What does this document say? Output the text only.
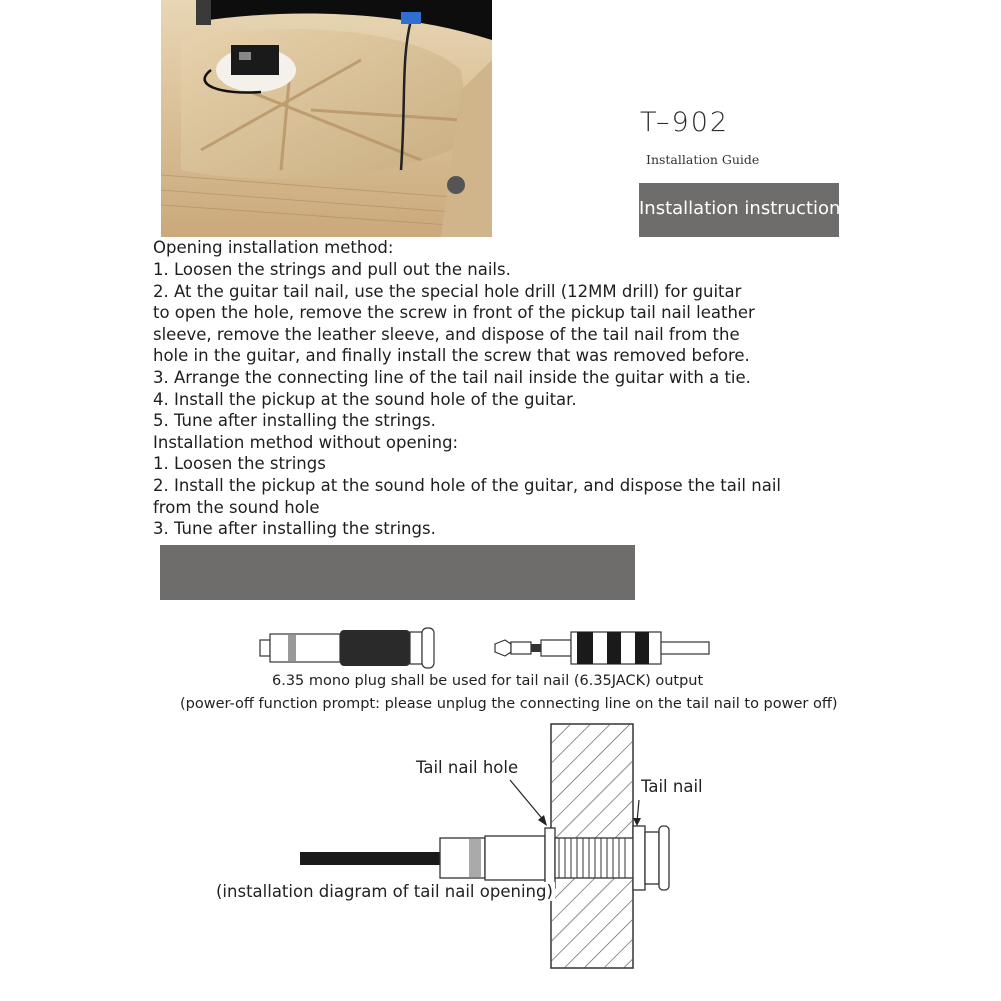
T–902
Installation Guide
Installation instructions
Opening installation method:
1. Loosen the strings and pull out the nails.
2. At the guitar tail nail, use the special hole drill (12MM drill) for guitar
to open the hole, remove the screw in front of the pickup tail nail leather
sleeve, remove the leather sleeve, and dispose of the tail nail from the
hole in the guitar, and finally install the screw that was removed before.
3. Arrange the connecting line of the tail nail inside the guitar with a tie.
4. Install the pickup at the sound hole of the guitar.
5. Tune after installing the strings.
Installation method without opening:
1. Loosen the strings
2. Install the pickup at the sound hole of the guitar, and dispose the tail nail
from the sound hole
3. Tune after installing the strings.
6.35 mono plug shall be used for tail nail (6.35JACK) output
(power-off function prompt: please unplug the connecting line on the tail nail to power off)
Tail nail hole
Tail nail
(installation diagram of tail nail opening)
